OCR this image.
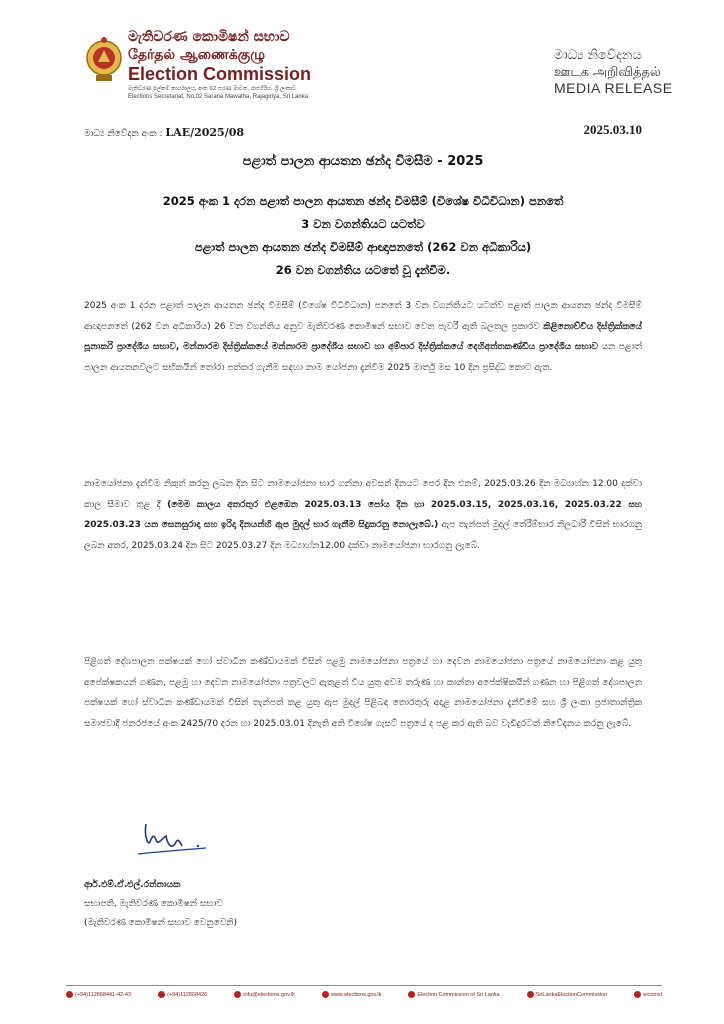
මැතිවරණ කොමිෂන් සභාව
தேர்தல் ஆணைக்குழு
Election Commission
මැතිවරණ ලේකම් කාර්යාලය, අංක 02 සරණ මාවත, රාජගිරිය, ශ්‍රී ලංකාව
Elections Secretariat, No.02 Sarana Mawatha, Rajagiriya, Sri Lanka
මාධ්‍ය නිවේදනය
ஊடக அறிவித்தல்
MEDIA RELEASE
මාධ්‍ය නිවේදන අංක : LAE/2025/08	2025.03.10
පළාත් පාලන ආයතන ඡන්ද විමසීම - 2025
2025 අංක 1 දරන පළාත් පාලන ආයතන ඡන්ද විමසීම් (විශේෂ විධිවිධාන) පනතේ
3 වන වගන්තියට යටත්ව
පළාත් පාලන ආයතන ඡන්ද විමසීම් ආඥාපනතේ (262 වන අධිකාරිය)
26 වන වගන්තිය යටතේ වූ දැන්වීම.
2025 අංක 1 දරන පළාත් පාලන ආයතන ඡන්ද විමසීම් (විශේෂ විධිවිධාන) පනතේ 3 වන වගන්තියට යටත්ව පළාත් පාලන ආයතන ඡන්ද විමසීම් ආඥාපනතේ (262 වන අධිකාරිය) 26 වන වගන්තිය අනුව මැතිවරණ කොමිෂන් සභාව වෙත පැවරී ඇති බලතල ප්‍රකාරව කිළිනොච්චිය දිස්ත්‍රික්කයේ පූනාකරි ප්‍රාදේශීය සභාව, මන්නාරම දිස්ත්‍රික්කයේ මන්නාරම ප්‍රාදේශීය සභාව හා අම්පාර දිස්ත්‍රික්කයේ දෙහිඅත්තකණ්ඩිය ප්‍රාදේශීය සභාව යන පළාත් පාලන ආයතනවලට සභිකයින් තෝරා පත්කර ගැනීම සඳහා නාම යෝජනා දැන්වීම 2025 මාර්තු මස 10 දින ප්‍රසිද්ධ කොට ඇත.
නාමයෝජනා දැන්වීම නිකුත් කරනු ලබන දින සිට නාමයෝජනා භාර ගන්නා අවසන් දිනයට පෙර දින එනම්, 2025.03.26 දින මධ්‍යාහ්න 12.00 දක්වා කාල සීමාව තුළ දී (මෙම කාලය අතරතුර එළඹෙන 2025.03.13 පෝය දින හා 2025.03.15, 2025.03.16, 2025.03.22 සහ 2025.03.23 යන සෙනසුරාදා සහ ඉරිදා දිනයන්හි ඇප මුදල් භාර ගැනීම සිදුකරනු නොලැබේ.) ඇප තැන්පත් මුදල් තේරීම්භාර නිලධාරී විසින් භාරගනු ලබන අතර, 2025.03.24 දින සිට 2025.03.27 දින මධ්‍යාහ්න12.00 දක්වා නාමයෝජනා භාරගනු ලැබේ.
පිළිගත් දේශපාලන පක්ෂයක් හෝ ස්වාධීන කණ්ඩායමක් විසින් පළමු නාමයෝජනා පත්‍රයේ හා දෙවන නාමයෝජනා පත්‍රයේ නාමයෝජනා කළ යුතු අපේක්ෂකයන් ගණන, පළමු හා දෙවන නාමයෝජනා පත්‍රවලට ඇතුළත් විය යුතු අවම තරුණ හා කාන්තා අපේක්ෂිකයින් ගණන හා පිළිගත් දේශපාලන පක්ෂයක් හෝ ස්වාධීන කණ්ඩායමක් විසින් තැන්පත් කළ යුතු ඇප මුදල් පිළිබඳ තොරතුරු අදාළ නාමයෝජනා දැන්වීමේ සහ ශ්‍රී ලංකා ප්‍රජාතාන්ත්‍රික සමාජවාදී ජනරජයේ අංක 2425/70 දරන හා 2025.03.01 දිනැති අති විශේෂ ගැසට් පත්‍රයේ ද පළ කර ඇති බව වැඩිදුරටත් නිවේදනය කරනු ලැබේ.
ආර්.එම්.ඒ.එල්.රත්නායක
සභාපති, මැතිවරණ කොමිෂන් සභාව
(මැතිවරණ කොමිෂන් සභාව වෙනුවෙනි)
(+94)112868441-42-43	(+94)112868426	info@elections.gov.lk	www.elections.gov.lk	Election Commission of Sri Lanka	SriLankaElectionCommission	eicomsl
